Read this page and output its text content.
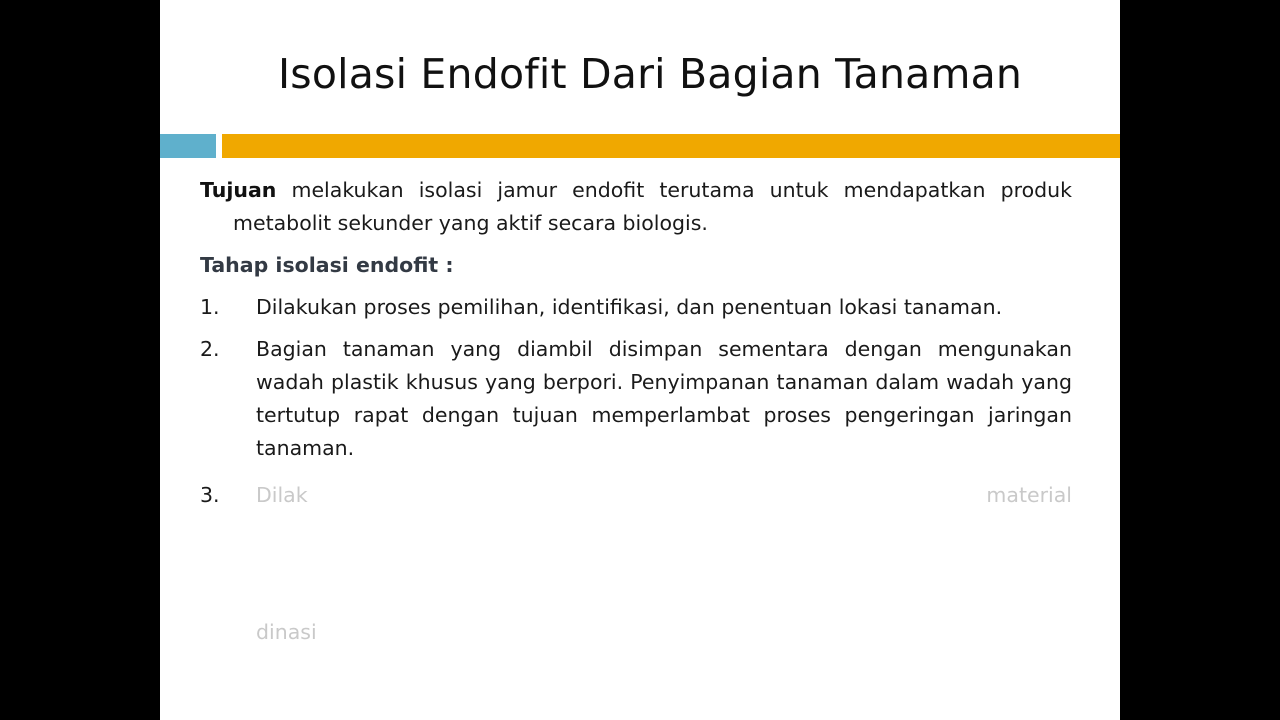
Isolasi Endofit Dari Bagian Tanaman

Tujuan melakukan isolasi jamur endofit terutama untuk mendapatkan produk metabolit sekunder yang aktif secara biologis.

Tahap isolasi endofit :

1. Dilakukan proses pemilihan, identifikasi, dan penentuan lokasi tanaman.
2. Bagian tanaman yang diambil disimpan sementara dengan mengunakan wadah plastik khusus yang berpori. Penyimpanan tanaman dalam wadah yang tertutup rapat dengan tujuan memperlambat proses pengeringan jaringan tanaman.
3. Dilak	material
dinasi
